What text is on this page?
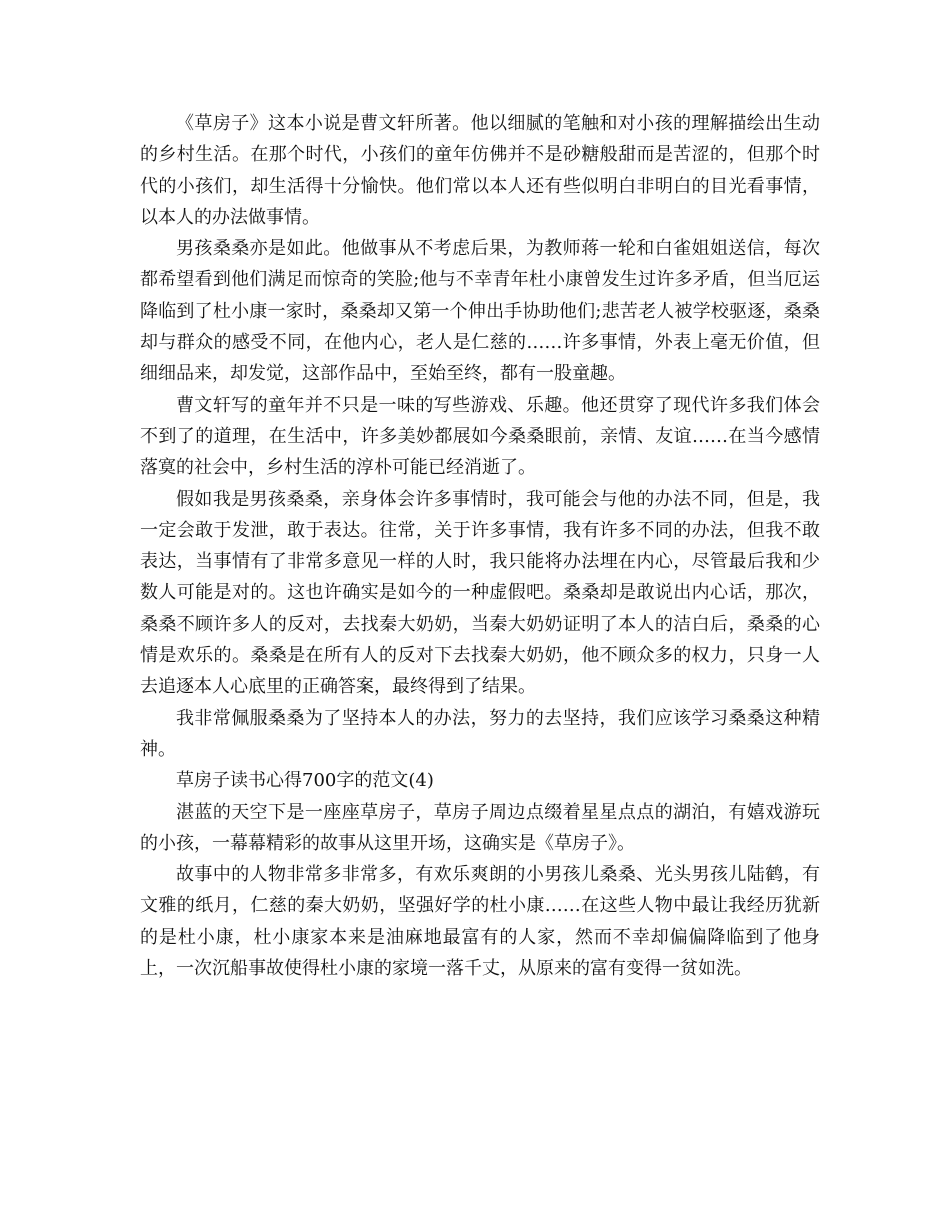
《草房子》这本小说是曹文轩所著。他以细腻的笔触和对小孩的理解描绘出生动的乡村生活。在那个时代，小孩们的童年仿佛并不是砂糖般甜而是苦涩的，但那个时代的小孩们，却生活得十分愉快。他们常以本人还有些似明白非明白的目光看事情，以本人的办法做事情。

男孩桑桑亦是如此。他做事从不考虑后果，为教师蒋一轮和白雀姐姐送信，每次都希望看到他们满足而惊奇的笑脸;他与不幸青年杜小康曾发生过许多矛盾，但当厄运降临到了杜小康一家时，桑桑却又第一个伸出手协助他们;悲苦老人被学校驱逐，桑桑却与群众的感受不同，在他内心，老人是仁慈的……许多事情，外表上毫无价值，但细细品来，却发觉，这部作品中，至始至终，都有一股童趣。

曹文轩写的童年并不只是一味的写些游戏、乐趣。他还贯穿了现代许多我们体会不到了的道理，在生活中，许多美妙都展如今桑桑眼前，亲情、友谊……在当今感情落寞的社会中，乡村生活的淳朴可能已经消逝了。

假如我是男孩桑桑，亲身体会许多事情时，我可能会与他的办法不同，但是，我一定会敢于发泄，敢于表达。往常，关于许多事情，我有许多不同的办法，但我不敢表达，当事情有了非常多意见一样的人时，我只能将办法埋在内心，尽管最后我和少数人可能是对的。这也许确实是如今的一种虚假吧。桑桑却是敢说出内心话，那次，桑桑不顾许多人的反对，去找秦大奶奶，当秦大奶奶证明了本人的洁白后，桑桑的心情是欢乐的。桑桑是在所有人的反对下去找秦大奶奶，他不顾众多的权力，只身一人去追逐本人心底里的正确答案，最终得到了结果。

我非常佩服桑桑为了坚持本人的办法，努力的去坚持，我们应该学习桑桑这种精神。

草房子读书心得700字的范文(4)

湛蓝的天空下是一座座草房子，草房子周边点缀着星星点点的湖泊，有嬉戏游玩的小孩，一幕幕精彩的故事从这里开场，这确实是《草房子》。

故事中的人物非常多非常多，有欢乐爽朗的小男孩儿桑桑、光头男孩儿陆鹤，有文雅的纸月，仁慈的秦大奶奶，坚强好学的杜小康……在这些人物中最让我经历犹新的是杜小康，杜小康家本来是油麻地最富有的人家，然而不幸却偏偏降临到了他身上，一次沉船事故使得杜小康的家境一落千丈，从原来的富有变得一贫如洗。
